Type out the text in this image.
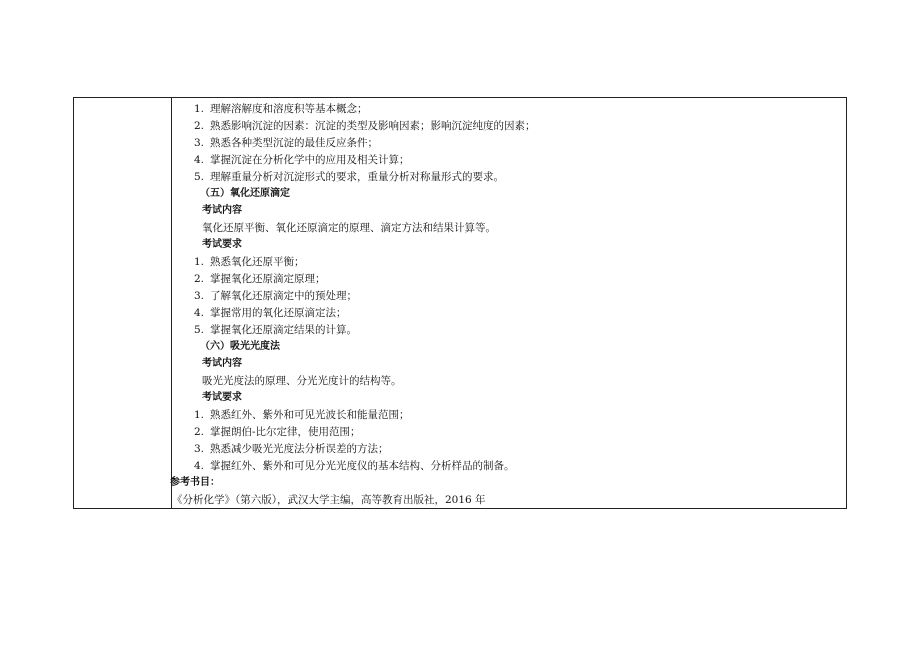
1. 理解溶解度和溶度积等基本概念；
2. 熟悉影响沉淀的因素：沉淀的类型及影响因素；影响沉淀纯度的因素；
3. 熟悉各种类型沉淀的最佳反应条件；
4. 掌握沉淀在分析化学中的应用及相关计算；
5. 理解重量分析对沉淀形式的要求，重量分析对称量形式的要求。
（五）氧化还原滴定
考试内容
氧化还原平衡、氧化还原滴定的原理、滴定方法和结果计算等。
考试要求
1. 熟悉氧化还原平衡；
2. 掌握氧化还原滴定原理；
3. 了解氧化还原滴定中的预处理；
4. 掌握常用的氧化还原滴定法；
5. 掌握氧化还原滴定结果的计算。
（六）吸光光度法
考试内容
吸光光度法的原理、分光光度计的结构等。
考试要求
1. 熟悉红外、紫外和可见光波长和能量范围；
2. 掌握朗伯-比尔定律，使用范围；
3. 熟悉减少吸光光度法分析误差的方法；
4. 掌握红外、紫外和可见分光光度仪的基本结构、分析样品的制备。
参考书目：
《分析化学》（第六版），武汉大学主编，高等教育出版社，2016 年
